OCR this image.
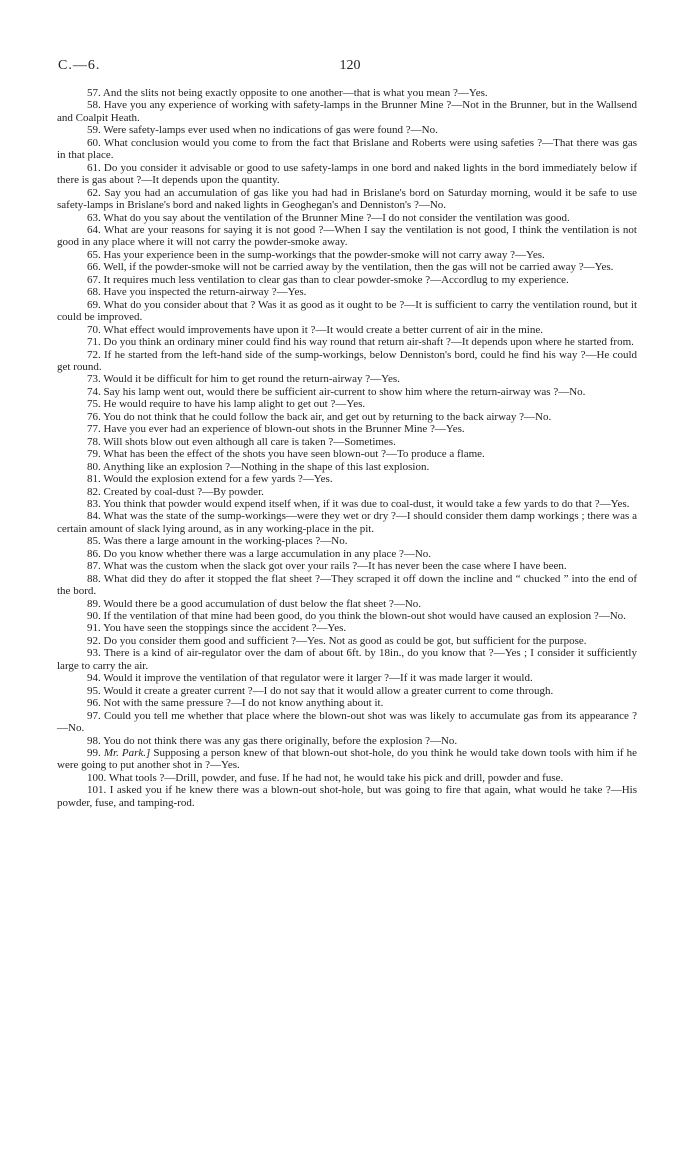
C.—6.	120

57. And the slits not being exactly opposite to one another—that is what you mean ?—Yes.

58. Have you any experience of working with safety-lamps in the Brunner Mine ?—Not in the Brunner, but in the Wallsend and Coalpit Heath.

59. Were safety-lamps ever used when no indications of gas were found ?—No.

60. What conclusion would you come to from the fact that Brislane and Roberts were using safeties ?—That there was gas in that place.

61. Do you consider it advisable or good to use safety-lamps in one bord and naked lights in the bord immediately below if there is gas about ?—It depends upon the quantity.

62. Say you had an accumulation of gas like you had had in Brislane's bord on Saturday morning, would it be safe to use safety-lamps in Brislane's bord and naked lights in Geoghegan's and Denniston's ?—No.

63. What do you say about the ventilation of the Brunner Mine ?—I do not consider the ventilation was good.

64. What are your reasons for saying it is not good ?—When I say the ventilation is not good, I think the ventilation is not good in any place where it will not carry the powder-smoke away.

65. Has your experience been in the sump-workings that the powder-smoke will not carry away ?—Yes.

66. Well, if the powder-smoke will not be carried away by the ventilation, then the gas will not be carried away ?—Yes.

67. It requires much less ventilation to clear gas than to clear powder-smoke ?—Accordlug to my experience.

68. Have you inspected the return-airway ?—Yes.

69. What do you consider about that ? Was it as good as it ought to be ?—It is sufficient to carry the ventilation round, but it could be improved.

70. What effect would improvements have upon it ?—It would create a better current of air in the mine.

71. Do you think an ordinary miner could find his way round that return air-shaft ?—It depends upon where he started from.

72. If he started from the left-hand side of the sump-workings, below Denniston's bord, could he find his way ?—He could get round.

73. Would it be difficult for him to get round the return-airway ?—Yes.

74. Say his lamp went out, would there be sufficient air-current to show him where the return-airway was ?—No.

75. He would require to have his lamp alight to get out ?—Yes.

76. You do not think that he could follow the back air, and get out by returning to the back airway ?—No.

77. Have you ever had an experience of blown-out shots in the Brunner Mine ?—Yes.

78. Will shots blow out even although all care is taken ?—Sometimes.

79. What has been the effect of the shots you have seen blown-out ?—To produce a flame.

80. Anything like an explosion ?—Nothing in the shape of this last explosion.

81. Would the explosion extend for a few yards ?—Yes.

82. Created by coal-dust ?—By powder.

83. You think that powder would expend itself when, if it was due to coal-dust, it would take a few yards to do that ?—Yes.

84. What was the state of the sump-workings—were they wet or dry ?—I should consider them damp workings ; there was a certain amount of slack lying around, as in any working-place in the pit.

85. Was there a large amount in the working-places ?—No.

86. Do you know whether there was a large accumulation in any place ?—No.

87. What was the custom when the slack got over your rails ?—It has never been the case where I have been.

88. What did they do after it stopped the flat sheet ?—They scraped it off down the incline and “ chucked ” into the end of the bord.

89. Would there be a good accumulation of dust below the flat sheet ?—No.

90. If the ventilation of that mine had been good, do you think the blown-out shot would have caused an explosion ?—No.

91. You have seen the stoppings since the accident ?—Yes.

92. Do you consider them good and sufficient ?—Yes. Not as good as could be got, but sufficient for the purpose.

93. There is a kind of air-regulator over the dam of about 6ft. by 18in., do you know that ?—Yes ; I consider it sufficiently large to carry the air.

94. Would it improve the ventilation of that regulator were it larger ?—If it was made larger it would.

95. Would it create a greater current ?—I do not say that it would allow a greater current to come through.

96. Not with the same pressure ?—I do not know anything about it.

97. Could you tell me whether that place where the blown-out shot was was likely to accumulate gas from its appearance ?—No.

98. You do not think there was any gas there originally, before the explosion ?—No.

99. Mr. Park.] Supposing a person knew of that blown-out shot-hole, do you think he would take down tools with him if he were going to put another shot in ?—Yes.

100. What tools ?—Drill, powder, and fuse. If he had not, he would take his pick and drill, powder and fuse.

101. I asked you if he knew there was a blown-out shot-hole, but was going to fire that again, what would he take ?—His powder, fuse, and tamping-rod.
